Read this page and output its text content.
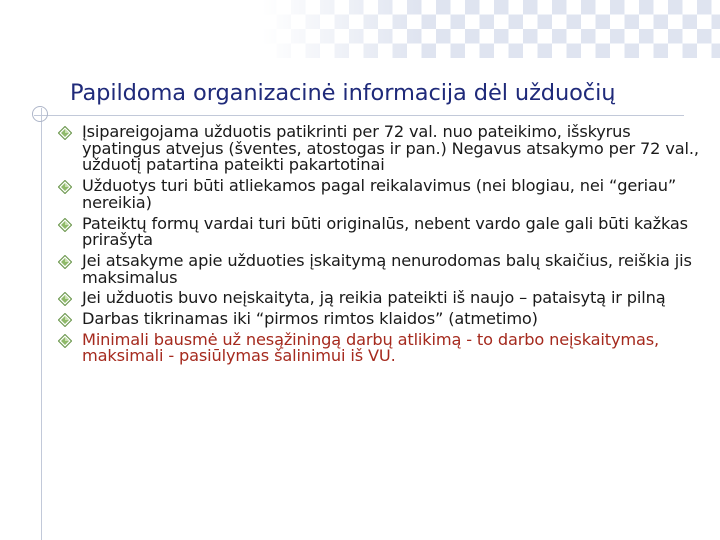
Papildoma organizacinė informacija dėl užduočių
Įsipareigojama užduotis patikrinti per 72 val. nuo pateikimo, išskyrus ypatingus atvejus (šventes, atostogas ir pan.) Negavus atsakymo per 72 val., užduotį patartina pateikti pakartotinai
Užduotys turi būti atliekamos pagal reikalavimus (nei blogiau, nei “geriau” nereikia)
Pateiktų formų vardai turi būti originalūs, nebent vardo gale gali būti kažkas prirašyta
Jei atsakyme apie užduoties įskaitymą nenurodomas balų skaičius, reiškia jis maksimalus
Jei užduotis buvo neįskaityta, ją reikia pateikti iš naujo – pataisytą ir pilną
Darbas tikrinamas iki “pirmos rimtos klaidos” (atmetimo)
Minimali bausmė už nesąžiningą darbų atlikimą - to darbo neįskaitymas, maksimali - pasiūlymas šalinimui iš VU.
